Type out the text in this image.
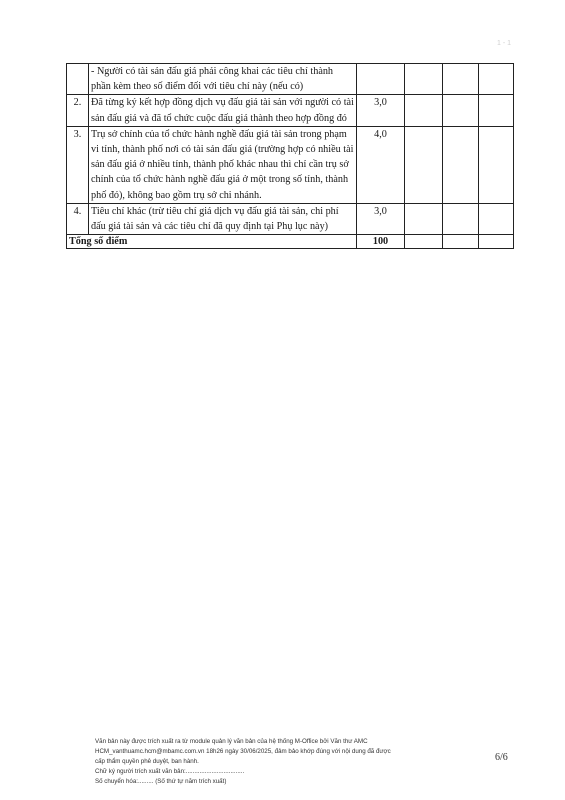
1 - 1
	- Người có tài sản đấu giá phải công khai các tiêu chí thành phần kèm theo số điểm đối với tiêu chí này (nếu có)				
2.	Đã từng ký kết hợp đồng dịch vụ đấu giá tài sản với người có tài sản đấu giá và đã tổ chức cuộc đấu giá thành theo hợp đồng đó	3,0			
3.	Trụ sở chính của tổ chức hành nghề đấu giá tài sản trong phạm vi tỉnh, thành phố nơi có tài sản đấu giá (trường hợp có nhiều tài sản đấu giá ở nhiều tỉnh, thành phố khác nhau thì chỉ cần trụ sở chính của tổ chức hành nghề đấu giá ở một trong số tỉnh, thành phố đó), không bao gồm trụ sở chi nhánh.	4,0			
4.	Tiêu chí khác (trừ tiêu chí giá dịch vụ đấu giá tài sản, chi phí đấu giá tài sản và các tiêu chí đã quy định tại Phụ lục này)	3,0			
Tổng số điểm		100			

Văn bản này được trích xuất ra từ module quản lý văn bản của hệ thống M-Office bởi Văn thư AMC

HCM_vanthuamc.hcm@mbamc.com.vn 18h26 ngày 30/06/2025, đảm bảo khớp đúng với nội dung đã được

cấp thẩm quyền phê duyệt, ban hành.

Chữ ký người trích xuất văn bản:..................................

Số chuyển hóa:......... (Số thứ tự năm trích xuất)

6/6
